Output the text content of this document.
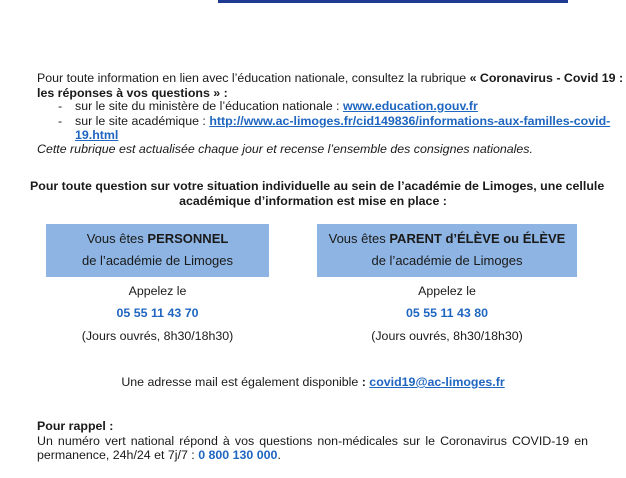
Pour toute information en lien avec l’éducation nationale, consultez la rubrique « Coronavirus - Covid 19 :
les réponses à vos questions » :
- sur le site du ministère de l’éducation nationale : www.education.gouv.fr
- sur le site académique : http://www.ac-limoges.fr/cid149836/informations-aux-familles-covid-
19.html
Cette rubrique est actualisée chaque jour et recense l’ensemble des consignes nationales.
Pour toute question sur votre situation individuelle au sein de l’académie de Limoges, une cellule
académique d’information est mise en place :
Vous êtes PERSONNEL
de l’académie de Limoges
Appelez le
05 55 11 43 70
(Jours ouvrés, 8h30/18h30)
Vous êtes PARENT d’ÉLÈVE ou ÉLÈVE
de l’académie de Limoges
Appelez le
05 55 11 43 80
(Jours ouvrés, 8h30/18h30)
Une adresse mail est également disponible : covid19@ac-limoges.fr
Pour rappel :
Un numéro vert national répond à vos questions non-médicales sur le Coronavirus COVID-19 en
permanence, 24h/24 et 7j/7 : 0 800 130 000.
